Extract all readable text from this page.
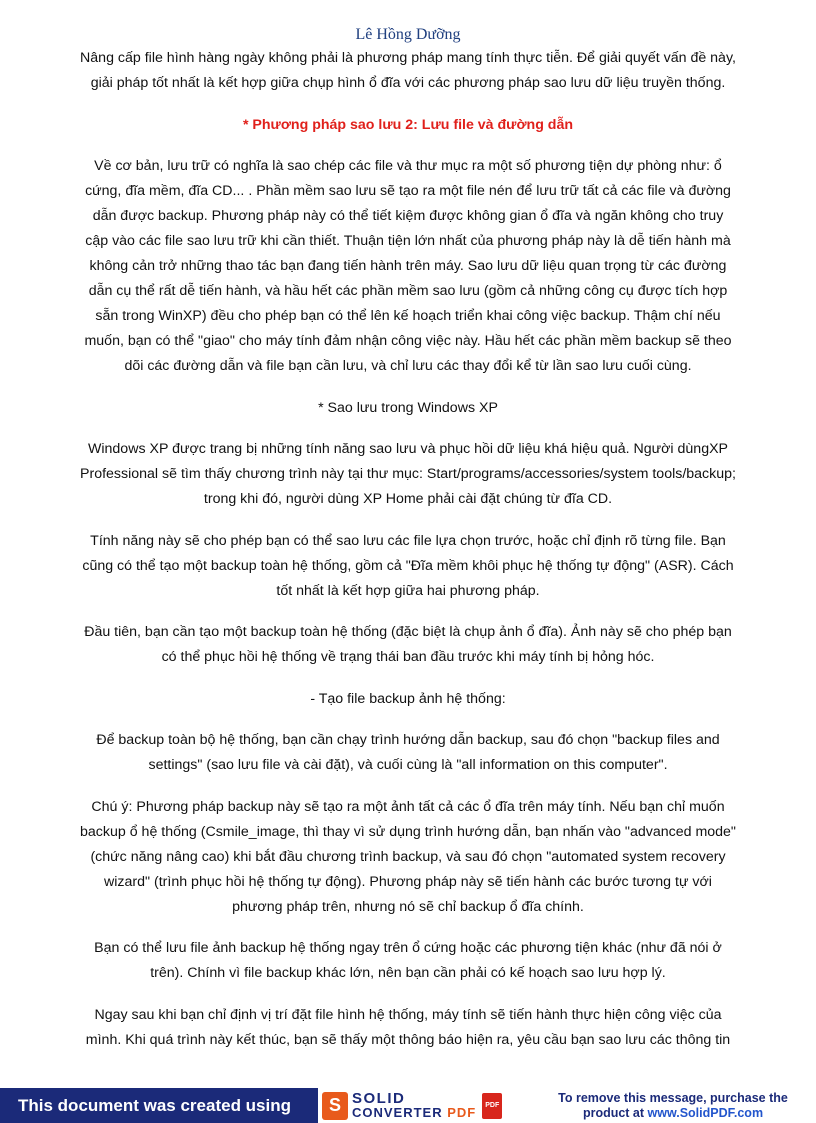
Lê Hồng Dưỡng

Nâng cấp file hình hàng ngày không phải là phương pháp mang tính thực tiễn. Để giải quyết vấn đề này, giải pháp tốt nhất là kết hợp giữa chụp hình ổ đĩa với các phương pháp sao lưu dữ liệu truyền thống.

* Phương pháp sao lưu 2: Lưu file và đường dẫn

Về cơ bản, lưu trữ có nghĩa là sao chép các file và thư mục ra một số phương tiện dự phòng như: ổ cứng, đĩa mềm, đĩa CD... . Phần mềm sao lưu sẽ tạo ra một file nén để lưu trữ tất cả các file và đường dẫn được backup. Phương pháp này có thể tiết kiệm được không gian ổ đĩa và ngăn không cho truy cập vào các file sao lưu trữ khi cần thiết. Thuận tiện lớn nhất của phương pháp này là dễ tiến hành mà không cản trở những thao tác bạn đang tiến hành trên máy. Sao lưu dữ liệu quan trọng từ các đường dẫn cụ thể rất dễ tiến hành, và hầu hết các phần mềm sao lưu (gồm cả những công cụ được tích hợp sẵn trong WinXP) đều cho phép bạn có thể lên kế hoạch triển khai công việc backup. Thậm chí nếu muốn, bạn có thể "giao" cho máy tính đảm nhận công việc này. Hầu hết các phần mềm backup sẽ theo dõi các đường dẫn và file bạn cần lưu, và chỉ lưu các thay đổi kể từ lần sao lưu cuối cùng.

* Sao lưu trong Windows XP

Windows XP được trang bị những tính năng sao lưu và phục hồi dữ liệu khá hiệu quả. Người dùngXP Professional sẽ tìm thấy chương trình này tại thư mục: Start/programs/accessories/system tools/backup; trong khi đó, người dùng XP Home phải cài đặt chúng từ đĩa CD.

Tính năng này sẽ cho phép bạn có thể sao lưu các file lựa chọn trước, hoặc chỉ định rõ từng file. Bạn cũng có thể tạo một backup toàn hệ thống, gồm cả "Đĩa mềm khôi phục hệ thống tự động" (ASR). Cách tốt nhất là kết hợp giữa hai phương pháp.

Đầu tiên, bạn cần tạo một backup toàn hệ thống (đặc biệt là chụp ảnh ổ đĩa). Ảnh này sẽ cho phép bạn có thể phục hồi hệ thống về trạng thái ban đầu trước khi máy tính bị hỏng hóc.

- Tạo file backup ảnh hệ thống:

Để backup toàn bộ hệ thống, bạn cần chạy trình hướng dẫn backup, sau đó chọn "backup files and settings" (sao lưu file và cài đặt), và cuối cùng là "all information on this computer".

Chú ý: Phương pháp backup này sẽ tạo ra một ảnh tất cả các ổ đĩa trên máy tính. Nếu bạn chỉ muốn backup ổ hệ thống (Csmile_image, thì thay vì sử dụng trình hướng dẫn, bạn nhấn vào "advanced mode" (chức năng nâng cao) khi bắt đầu chương trình backup, và sau đó chọn "automated system recovery wizard" (trình phục hồi hệ thống tự động). Phương pháp này sẽ tiến hành các bước tương tự với phương pháp trên, nhưng nó sẽ chỉ backup ổ đĩa chính.

Bạn có thể lưu file ảnh backup hệ thống ngay trên ổ cứng hoặc các phương tiện khác (như đã nói ở trên). Chính vì file backup khác lớn, nên bạn cần phải có kế hoạch sao lưu hợp lý.

Ngay sau khi bạn chỉ định vị trí đặt file hình hệ thống, máy tính sẽ tiến hành thực hiện công việc của mình. Khi quá trình này kết thúc, bạn sẽ thấy một thông báo hiện ra, yêu cầu bạn sao lưu các thông tin

This document was created using	S SOLID
CONVERTER PDF	PDF
To remove this message, purchase the
product at www.SolidPDF.com
